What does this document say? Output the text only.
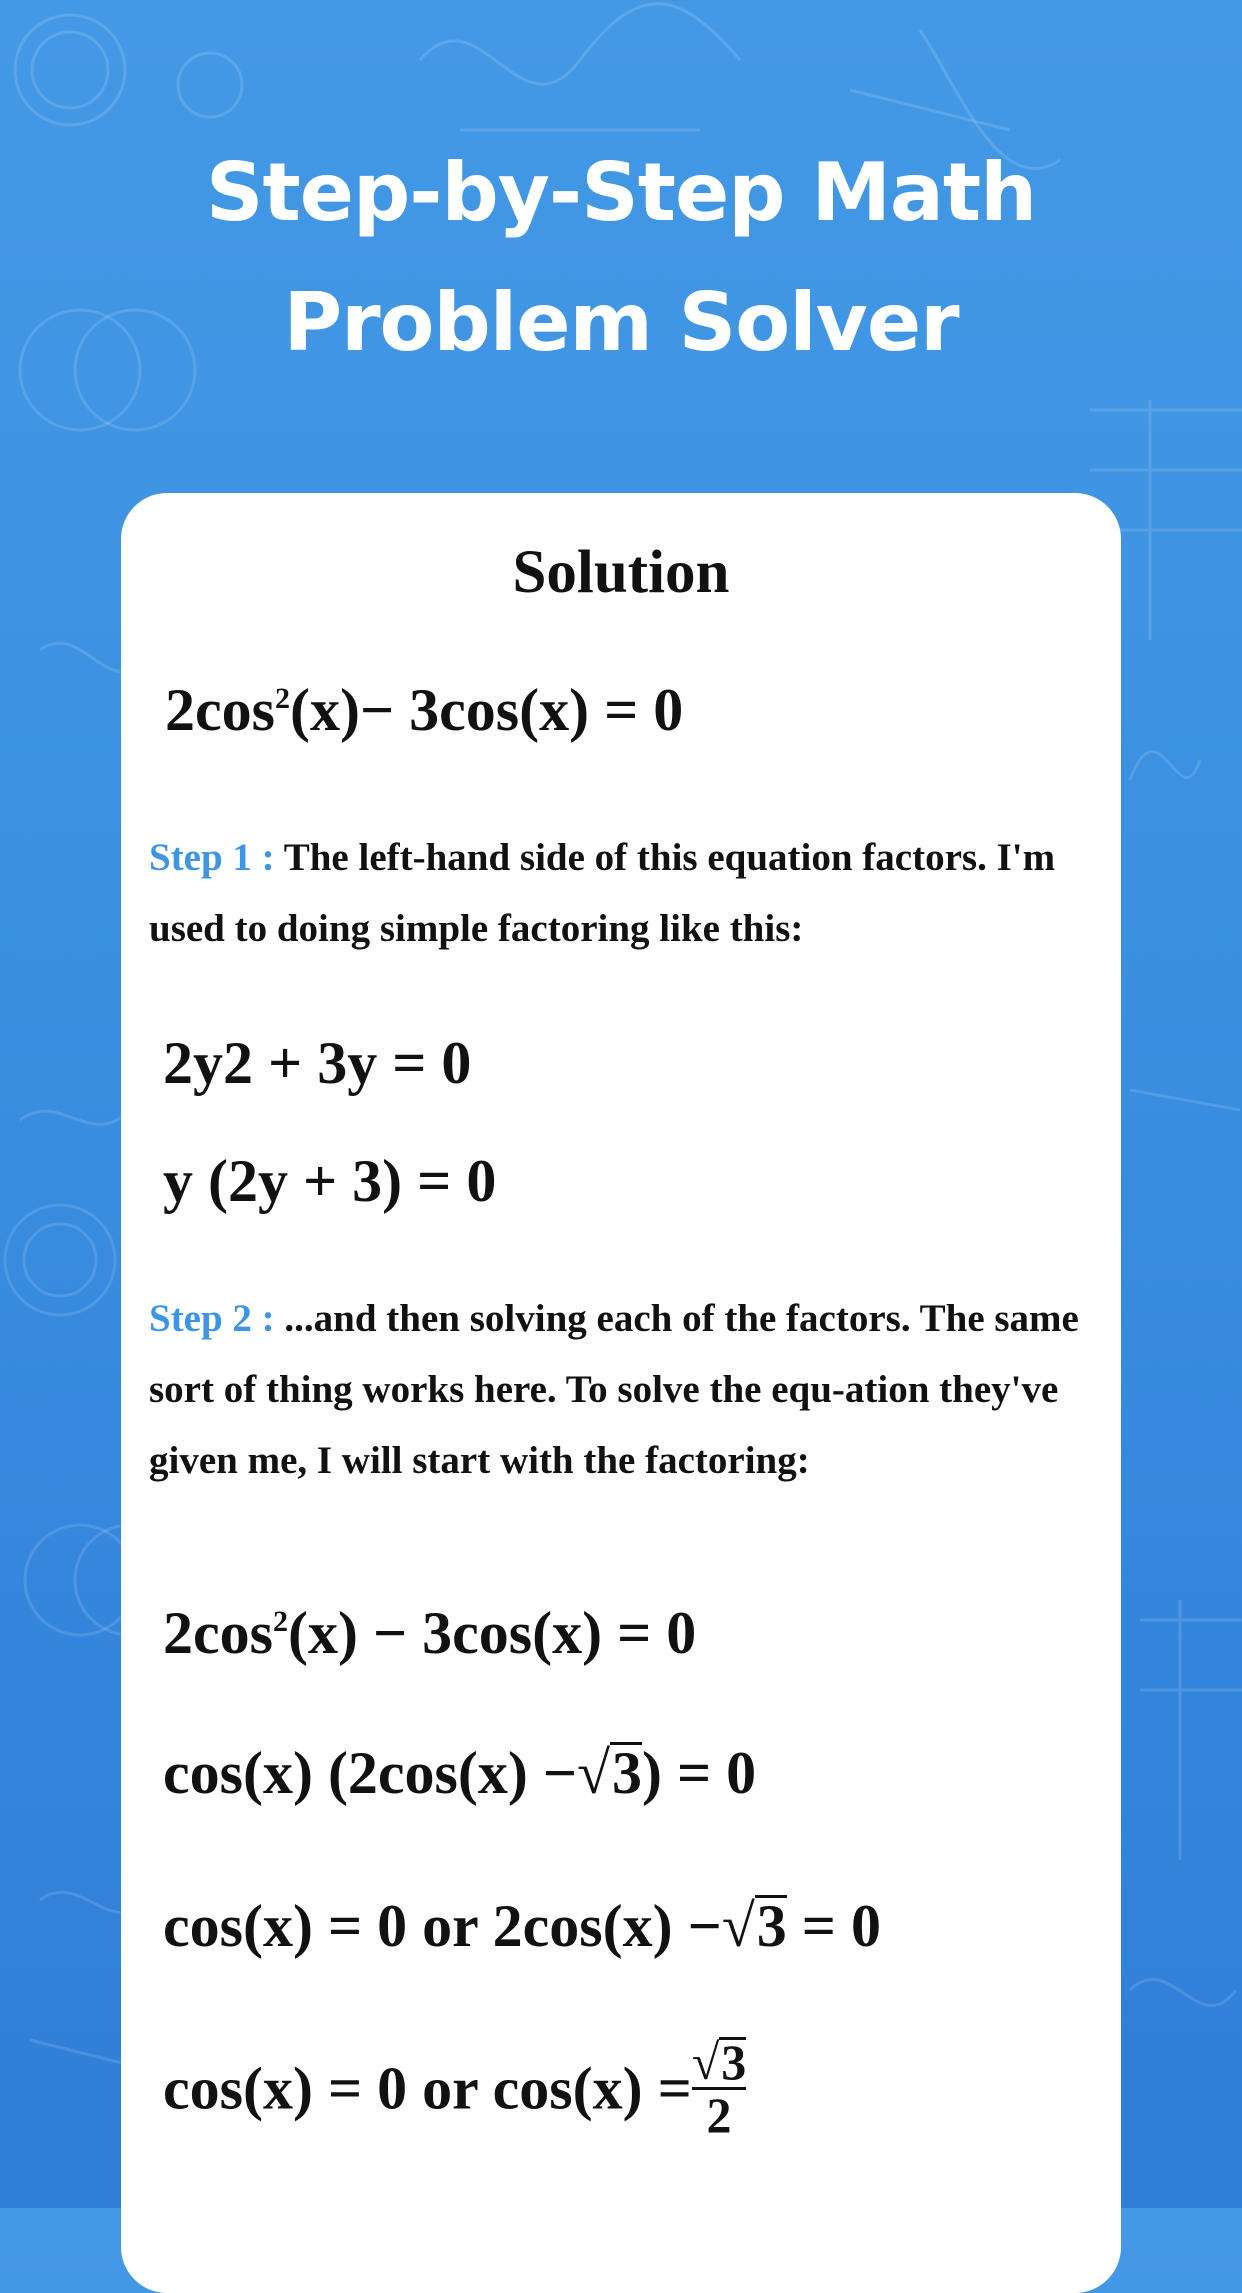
Step-by-Step Math
Problem Solver
Solution
$2\cos^2(x)- 3\cos(x) = 0$
Step 1 : The left-hand side of this equation factors. I'm used to doing simple factoring like this:
2y2 + 3y = 0
y (2y + 3) = 0
Step 2 : ...and then solving each of the factors. The same sort of thing works here. To solve the equ-ation they've given me, I will start with the factoring:
$2\cos^2(x) - 3\cos(x) = 0$
cos(x) (2cos(x) −√3) = 0
cos(x) = 0 or 2cos(x) −√3 = 0
cos(x) = 0 or $\cos(x) = \frac{√3}{2}$
